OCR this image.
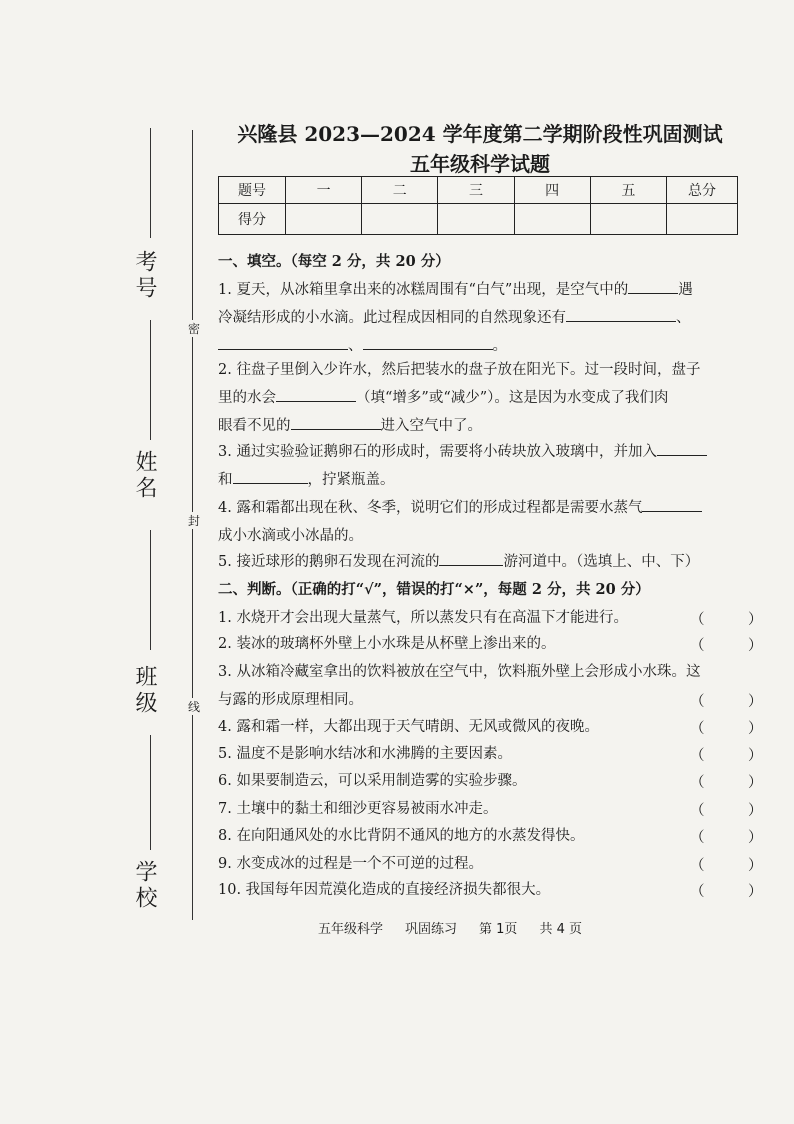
考号
姓名
班级
学校
密
封
线
兴隆县 2023—2024 学年度第二学期阶段性巩固测试
五年级科学试题
题号	一	二	三	四	五	总分
得分						
一、填空。（每空 2 分，共 20 分）
1. 夏天，从冰箱里拿出来的冰糕周围有“白气”出现，是空气中的	遇
冷凝结形成的小水滴。此过程成因相同的自然现象还有	、
、	。
2. 往盘子里倒入少许水，然后把装水的盘子放在阳光下。过一段时间，盘子
里的水会	（填“增多”或“减少”）。这是因为水变成了我们肉
眼看不见的	进入空气中了。
3. 通过实验验证鹅卵石的形成时，需要将小砖块放入玻璃中，并加入
和	，拧紧瓶盖。
4. 露和霜都出现在秋、冬季，说明它们的形成过程都是需要水蒸气
成小水滴或小冰晶的。
5. 接近球形的鹅卵石发现在河流的	游河道中。（选填上、中、下）
二、判断。（正确的打“√”，错误的打“×”，每题 2 分，共 20 分）
1. 水烧开才会出现大量蒸气，所以蒸发只有在高温下才能进行。	（　　　）
2. 装冰的玻璃杯外壁上小水珠是从杯壁上渗出来的。	（　　　）
3. 从冰箱冷藏室拿出的饮料被放在空气中，饮料瓶外壁上会形成小水珠。这
与露的形成原理相同。	（　　　）
4. 露和霜一样，大都出现于天气晴朗、无风或微风的夜晚。	（　　　）
5. 温度不是影响水结冰和水沸腾的主要因素。	（　　　）
6. 如果要制造云，可以采用制造雾的实验步骤。	（　　　）
7. 土壤中的黏土和细沙更容易被雨水冲走。	（　　　）
8. 在向阳通风处的水比背阴不通风的地方的水蒸发得快。	（　　　）
9. 水变成冰的过程是一个不可逆的过程。	（　　　）
10. 我国每年因荒漠化造成的直接经济损失都很大。	（　　　）
五年级科学 巩固练习 第 1页 共 4 页
